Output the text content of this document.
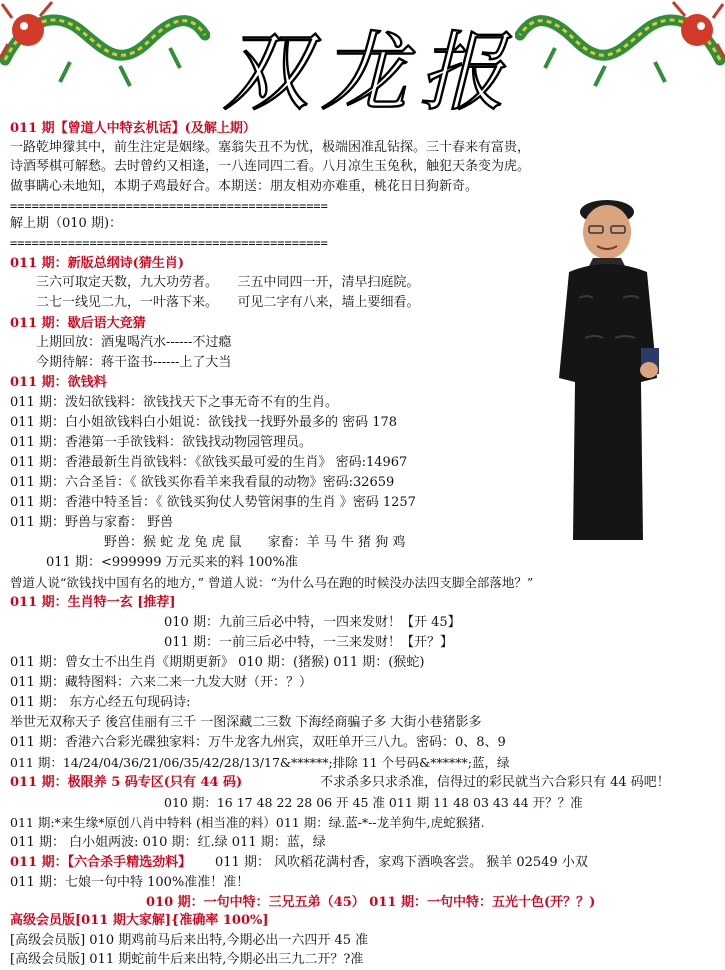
双龙报
011 期【曾道人中特玄机话】(及解上期）
一路乾坤獴其中，前生注定是姻缘。塞翁失丑不为忧，极端困准乱钻探。三十春来有富贵，
诗酒琴棋可解愁。去时曾约又相逢，一八连同四二看。八月凉生玉兔秋，触犯天条变为虎。
做事瞒心未地知，本期子鸡最好合。本期送：朋友相劝亦难重，桃花日日狗新奇。
============================================
解上期（010 期)：
============================================
011 期：新版总纲诗(猜生肖)
三六可取定天数，九大功劳者。　　三五中同四一开，清早扫庭院。
二七一线见二九，一叶落下来。　　可见二字有八来，墙上要细看。
011 期：歇后语大竞猜
上期回放：酒鬼喝汽水------不过瘾
今期待解：蒋干盗书------上了大当
011 期：欲钱料
011 期：泼妇欲钱料：欲钱找天下之事无奇不有的生肖。
011 期：白小姐欲钱料白小姐说：欲钱找一找野外最多的 密码 178
011 期：香港第一手欲钱料：欲钱找动物园管理员。
011 期：香港最新生肖欲钱料：《欲钱买最可爱的生肖》 密码:14967
011 期：六合圣旨：《 欲钱买你看羊来我看鼠的动物》密码:32659
011 期：香港中特圣旨：《 欲钱买狗仗人势管闲事的生肖 》密码 1257
011 期：野兽与家畜： 野兽
野兽：猴 蛇 龙 兔 虎 鼠　　家畜：羊 马 牛 猪 狗 鸡
011 期：<999999 万元买来的料 100%准
曾道人说“欲钱找中国有名的地方，” 曾道人说：“为什么马在跑的时候没办法四支脚全部落地？”
011 期：生肖特一玄 [推荐]
010 期：九前三后必中特，一四来发财！【开 45】
011 期：一前三后必中特，一三来发财！【开？】
011 期：曾女士不出生肖《期期更新》 010 期：(猪猴) 011 期：(猴蛇)
011 期：藏特图料：六来二来一九发大财（开：？）
011 期： 东方心经五句现码诗:
举世无双称天子 後宫佳丽有三千 一图深藏二三数 下海经商骗子多 大街小巷猪影多
011 期：香港六合彩光碟独家料：万牛龙客九州宾，双旺单开三八九。密码：0、8、9
011 期：14/24/04/36/21/06/35/42/28/13/17&******;排除 11 个号码&******;蓝，绿
011 期：极限养 5 码专区(只有 44 码)	不求杀多只求杀准，信得过的彩民就当六合彩只有 44 码吧！
010 期：16 17 48 22 28 06 开 45 准 011 期 11 48 03 43 44 开？？准
011 期:*来生缘*原创八肖中特料 (相当准的料）011 期：绿.蓝-*--龙羊狗牛,虎蛇猴猪.
011 期： 白小姐两波: 010 期：红.绿 011 期：蓝，绿
011 期：【六合杀手精选劲料】 011 期： 风吹稻花满村香，家鸡下酒唤客尝。 猴羊 02549 小双
011 期：七娘一句中特 100%准准！准！
010 期：一句中特：三兄五弟（45） 011 期：一句中特：五光十色(开？？)
高级会员版[011 期大家解]{准确率 100%]
[高级会员版] 010 期鸡前马后来出特,今期必出一六四开 45 准
[高级会员版] 011 期蛇前牛后来出特,今期必出三九二开？?准
